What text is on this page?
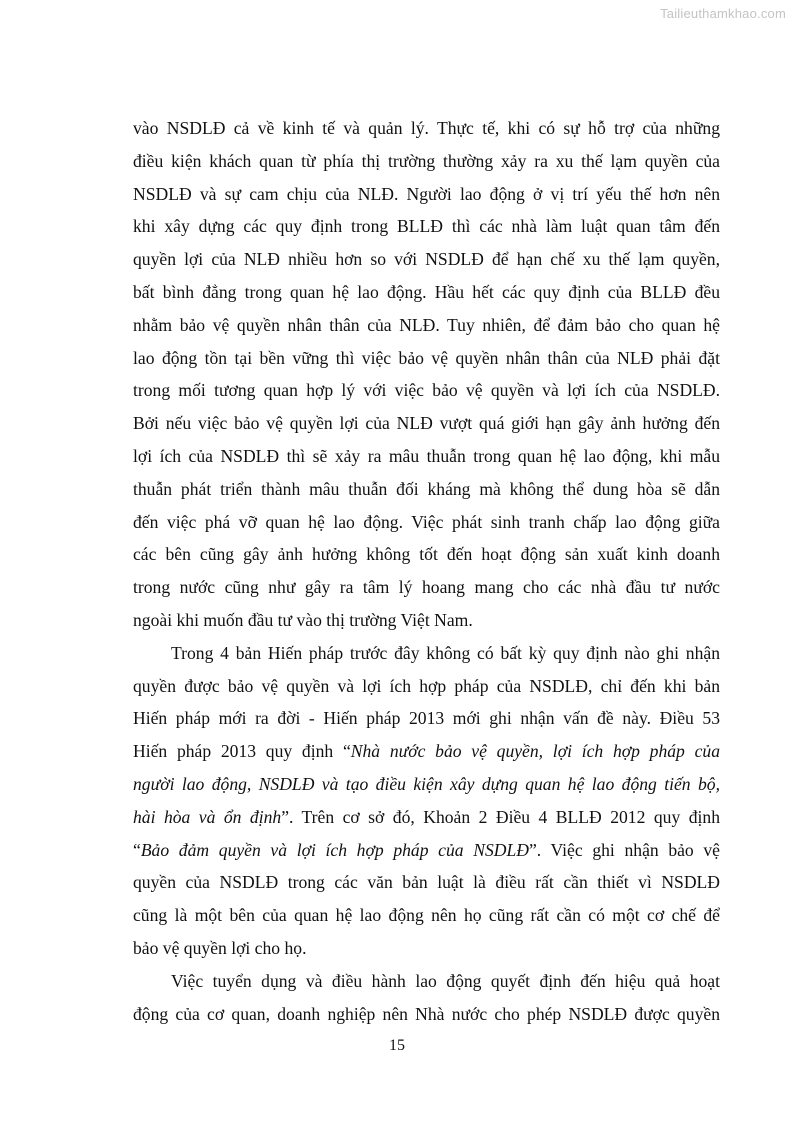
Tailieuthamkhao.com
vào NSDLĐ cả về kinh tế và quản lý. Thực tế, khi có sự hỗ trợ của những
điều kiện khách quan từ phía thị trường thường xảy ra xu thế lạm quyền của
NSDLĐ và sự cam chịu của NLĐ. Người lao động ở vị trí yếu thế hơn nên
khi xây dựng các quy định trong BLLĐ thì các nhà làm luật quan tâm đến
quyền lợi của NLĐ nhiều hơn so với NSDLĐ để hạn chế xu thế lạm quyền,
bất bình đẳng trong quan hệ lao động. Hầu hết các quy định của BLLĐ đều
nhằm bảo vệ quyền nhân thân của NLĐ. Tuy nhiên, để đảm bảo cho quan hệ
lao động tồn tại bền vững thì việc bảo vệ quyền nhân thân của NLĐ phải đặt
trong mối tương quan hợp lý với việc bảo vệ quyền và lợi ích của NSDLĐ.
Bởi nếu việc bảo vệ quyền lợi của NLĐ vượt quá giới hạn gây ảnh hưởng đến
lợi ích của NSDLĐ thì sẽ xảy ra mâu thuẫn trong quan hệ lao động, khi mẫu
thuẫn phát triển thành mâu thuẫn đối kháng mà không thể dung hòa sẽ dẫn
đến việc phá vỡ quan hệ lao động. Việc phát sinh tranh chấp lao động giữa
các bên cũng gây ảnh hưởng không tốt đến hoạt động sản xuất kinh doanh
trong nước cũng như gây ra tâm lý hoang mang cho các nhà đầu tư nước
ngoài khi muốn đầu tư vào thị trường Việt Nam.
Trong 4 bản Hiến pháp trước đây không có bất kỳ quy định nào ghi nhận
quyền được bảo vệ quyền và lợi ích hợp pháp của NSDLĐ, chỉ đến khi bản
Hiến pháp mới ra đời - Hiến pháp 2013 mới ghi nhận vấn đề này. Điều 53
Hiến pháp 2013 quy định “Nhà nước bảo vệ quyền, lợi ích hợp pháp của
người lao động, NSDLĐ và tạo điều kiện xây dựng quan hệ lao động tiến bộ,
hài hòa và ổn định”. Trên cơ sở đó, Khoản 2 Điều 4 BLLĐ 2012 quy định
“Bảo đảm quyền và lợi ích hợp pháp của NSDLĐ”. Việc ghi nhận bảo vệ
quyền của NSDLĐ trong các văn bản luật là điều rất cần thiết vì NSDLĐ
cũng là một bên của quan hệ lao động nên họ cũng rất cần có một cơ chế để
bảo vệ quyền lợi cho họ.
Việc tuyển dụng và điều hành lao động quyết định đến hiệu quả hoạt
động của cơ quan, doanh nghiệp nên Nhà nước cho phép NSDLĐ được quyền
15
